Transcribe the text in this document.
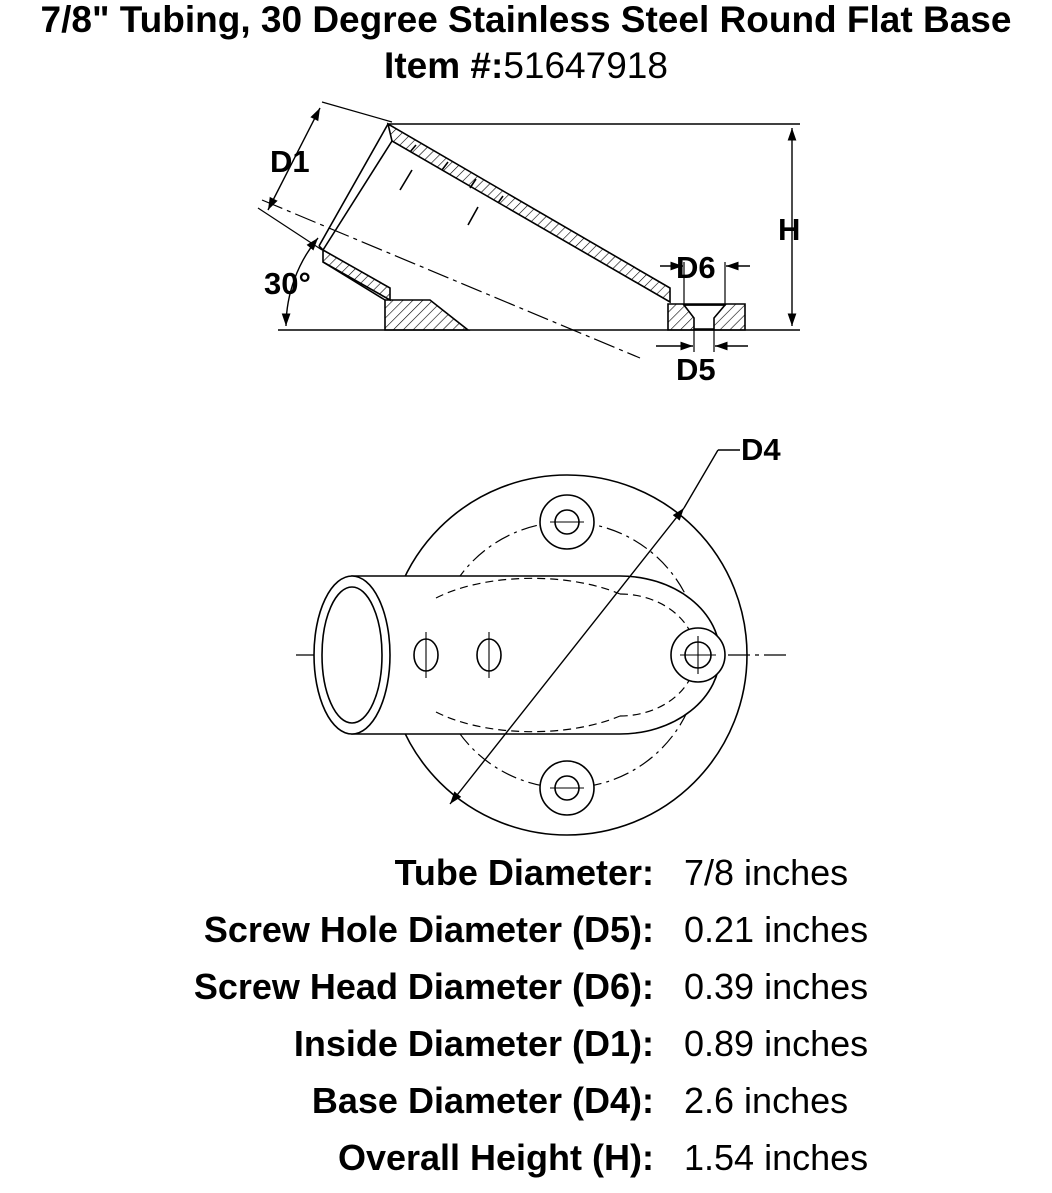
7/8" Tubing, 30 Degree Stainless Steel Round Flat Base
Item #:51647918
D1
30°
H
D6
D5
D4
Tube Diameter: 7/8 inches
Screw Hole Diameter (D5): 0.21 inches
Screw Head Diameter (D6): 0.39 inches
Inside Diameter (D1): 0.89 inches
Base Diameter (D4): 2.6 inches
Overall Height (H): 1.54 inches
